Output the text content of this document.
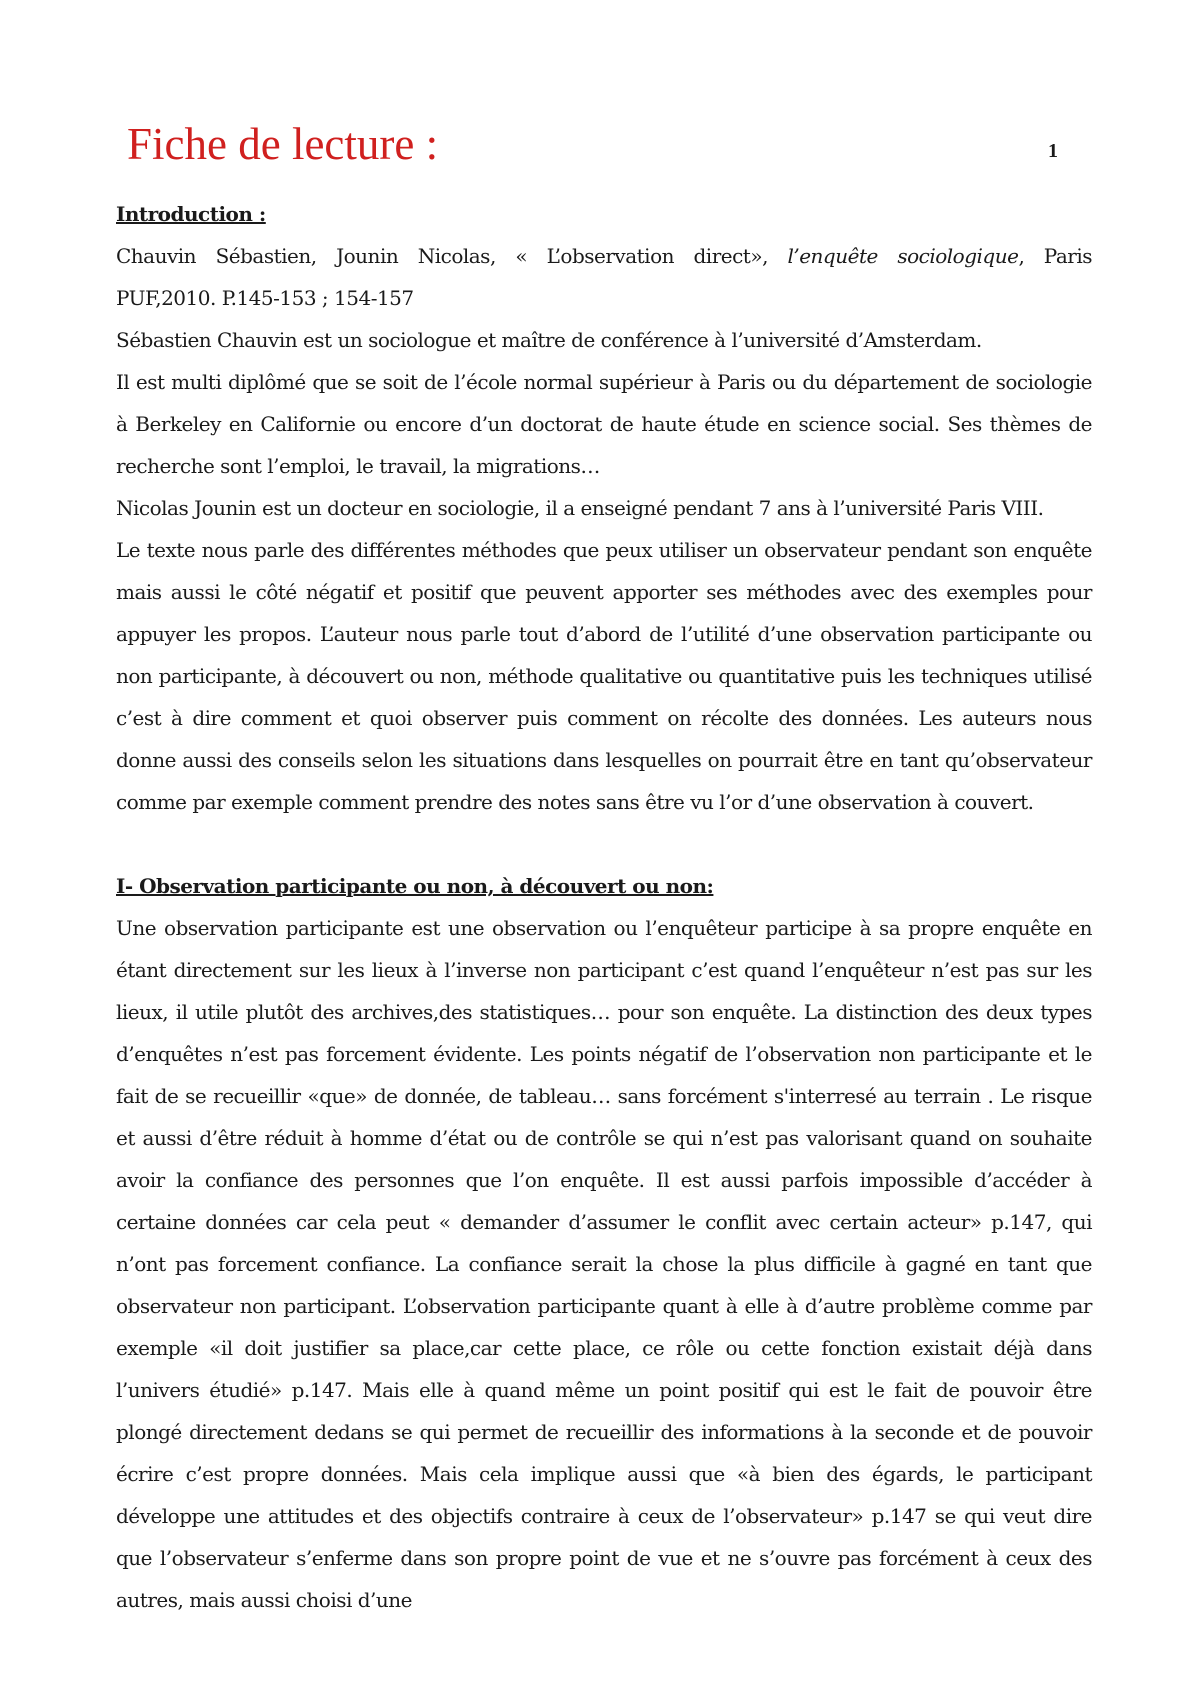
Fiche de lecture :	1

Introduction :

Chauvin Sébastien, Jounin Nicolas, « L’observation direct», l’enquête sociologique, Paris

PUF,2010. P.145-153 ; 154-157

Sébastien Chauvin est un sociologue et maître de conférence à l’université d’Amsterdam.

Il est multi diplômé que se soit de l’école normal supérieur à Paris ou du département de sociologie à Berkeley en Californie ou encore d’un doctorat de haute étude en science social. Ses thèmes de recherche sont l’emploi, le travail, la migrations…

Nicolas Jounin est un docteur en sociologie, il a enseigné pendant 7 ans à l’université Paris VIII.

Le texte nous parle des différentes méthodes que peux utiliser un observateur pendant son enquête mais aussi le côté négatif et positif que peuvent apporter ses méthodes avec des exemples pour appuyer les propos. L’auteur nous parle tout d’abord de l’utilité d’une observation participante ou non participante, à découvert ou non, méthode qualitative ou quantitative puis les techniques utilisé c’est à dire comment et quoi observer puis comment on récolte des données. Les auteurs nous donne aussi des conseils selon les situations dans lesquelles on pourrait être en tant qu’observateur comme par exemple comment prendre des notes sans être vu l’or d’une observation à couvert.

I- Observation participante ou non, à découvert ou non:

Une observation participante est une observation ou l’enquêteur participe à sa propre enquête en étant directement sur les lieux à l’inverse non participant c’est quand l’enquêteur n’est pas sur les lieux, il utile plutôt des archives,des statistiques… pour son enquête. La distinction des deux types d’enquêtes n’est pas forcement évidente. Les points négatif de l’observation non participante et le fait de se recueillir «que» de donnée, de tableau… sans forcément s'interresé au terrain . Le risque et aussi d’être réduit à homme d’état ou de contrôle se qui n’est pas valorisant quand on souhaite avoir la confiance des personnes que l’on enquête. Il est aussi parfois impossible d’accéder à certaine données car cela peut « demander d’assumer le conflit avec certain acteur» p.147, qui n’ont pas forcement confiance. La confiance serait la chose la plus difficile à gagné en tant que observateur non participant. L’observation participante quant à elle à d’autre problème comme par exemple «il doit justifier sa place,car cette place, ce rôle ou cette fonction existait déjà dans l’univers étudié» p.147. Mais elle à quand même un point positif qui est le fait de pouvoir être plongé directement dedans se qui permet de recueillir des informations à la seconde et de pouvoir écrire c’est propre données. Mais cela implique aussi que «à bien des égards, le participant développe une attitudes et des objectifs contraire à ceux de l’observateur» p.147 se qui veut dire que l’observateur s’enferme dans son propre point de vue et ne s’ouvre pas forcément à ceux des autres, mais aussi choisi d’une
